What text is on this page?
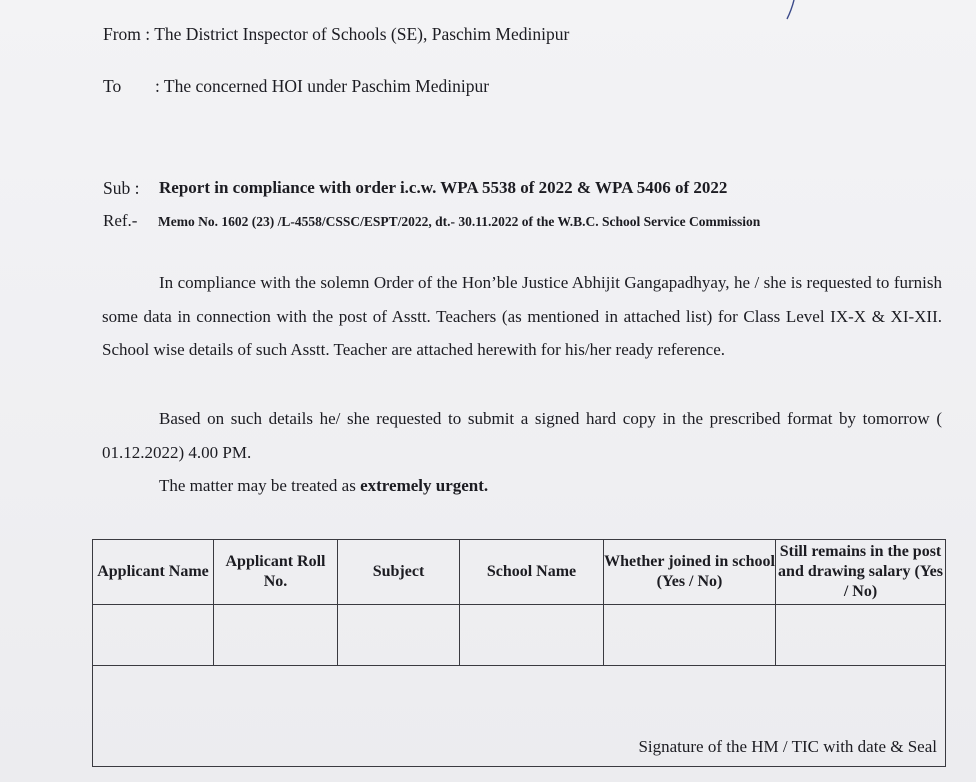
From : The District Inspector of Schools (SE), Paschim Medinipur
To : The concerned HOI under Paschim Medinipur
Sub : Report in compliance with order i.c.w. WPA 5538 of 2022 & WPA 5406 of 2022
Ref.- Memo No. 1602 (23) /L-4558/CSSC/ESPT/2022, dt.- 30.11.2022 of the W.B.C. School Service Commission
In compliance with the solemn Order of the Hon’ble Justice Abhijit Gangapadhyay, he / she is requested to furnish some data in connection with the post of Asstt. Teachers (as mentioned in attached list) for Class Level IX-X & XI-XII. School wise details of such Asstt. Teacher are attached herewith for his/her ready reference.
Based on such details he/ she requested to submit a signed hard copy in the prescribed format by tomorrow ( 01.12.2022) 4.00 PM.
The matter may be treated as extremely urgent.
Applicant Name	Applicant Roll No.	Subject	School Name	Whether joined in school (Yes / No)	Still remains in the post and drawing salary (Yes / No)

Signature of the HM / TIC with date & Seal					
